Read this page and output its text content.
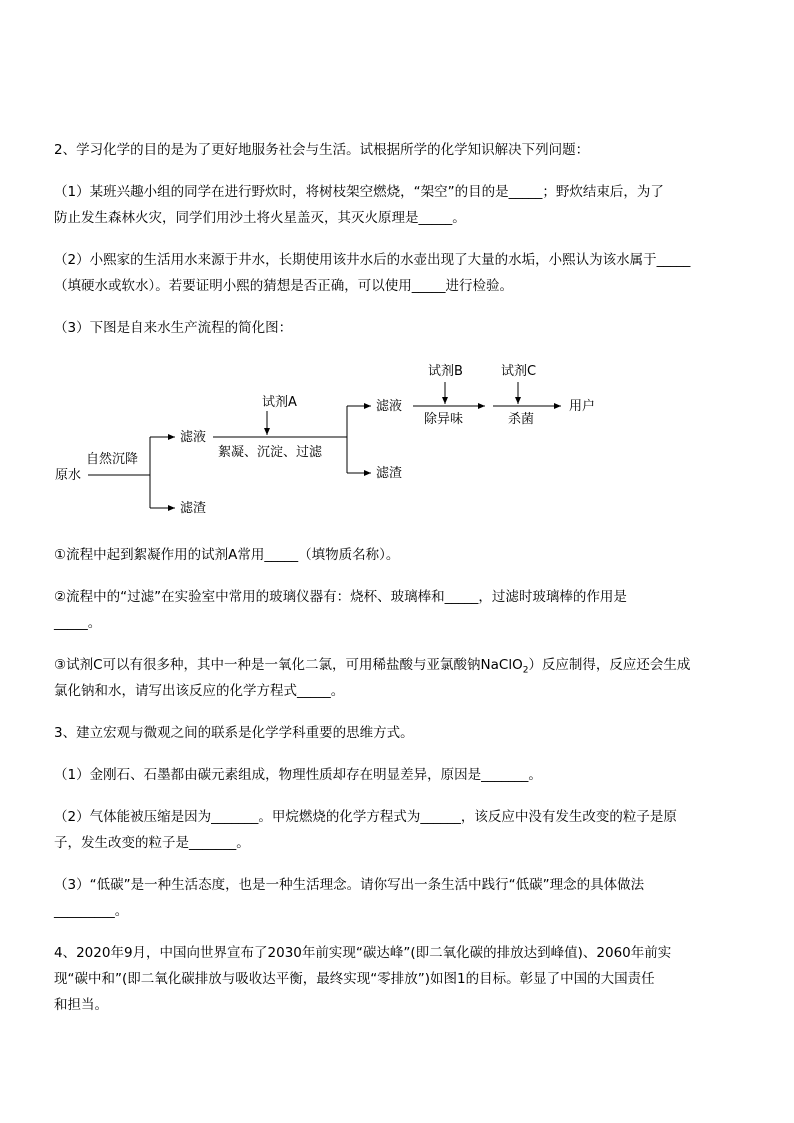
2、学习化学的目的是为了更好地服务社会与生活。试根据所学的化学知识解决下列问题：
（1）某班兴趣小组的同学在进行野炊时，将树枝架空燃烧，“架空”的目的是_____；野炊结束后，为了
防止发生森林火灾，同学们用沙土将火星盖灭，其灭火原理是_____。
（2）小熙家的生活用水来源于井水，长期使用该井水后的水壶出现了大量的水垢，小熙认为该水属于_____
（填硬水或软水）。若要证明小熙的猜想是否正确，可以使用_____进行检验。
（3）下图是自来水生产流程的简化图：
原水
自然沉降
滤液
滤渣
试剂A
絮凝、沉淀、过滤
滤液
滤渣
试剂B
除异味
试剂C
杀菌
用户
①流程中起到絮凝作用的试剂A常用_____（填物质名称）。
②流程中的“过滤”在实验室中常用的玻璃仪器有：烧杯、玻璃棒和_____，过滤时玻璃棒的作用是
_____。
③试剂C可以有很多种，其中一种是一氧化二氯，可用稀盐酸与亚氯酸钠NaClO$_2$）反应制得，反应还会生成
氯化钠和水，请写出该反应的化学方程式_____。
3、建立宏观与微观之间的联系是化学学科重要的思维方式。
（1）金刚石、石墨都由碳元素组成，物理性质却存在明显差异，原因是_______。
（2）气体能被压缩是因为_______。甲烷燃烧的化学方程式为______，该反应中没有发生改变的粒子是原
子，发生改变的粒子是_______。
（3）“低碳”是一种生活态度，也是一种生活理念。请你写出一条生活中践行“低碳”理念的具体做法
_________。
4、2020年9月，中国向世界宣布了2030年前实现“碳达峰”(即二氧化碳的排放达到峰值)、2060年前实
现“碳中和”(即二氧化碳排放与吸收达平衡，最终实现“零排放”)如图1的目标。彰显了中国的大国责任
和担当。
